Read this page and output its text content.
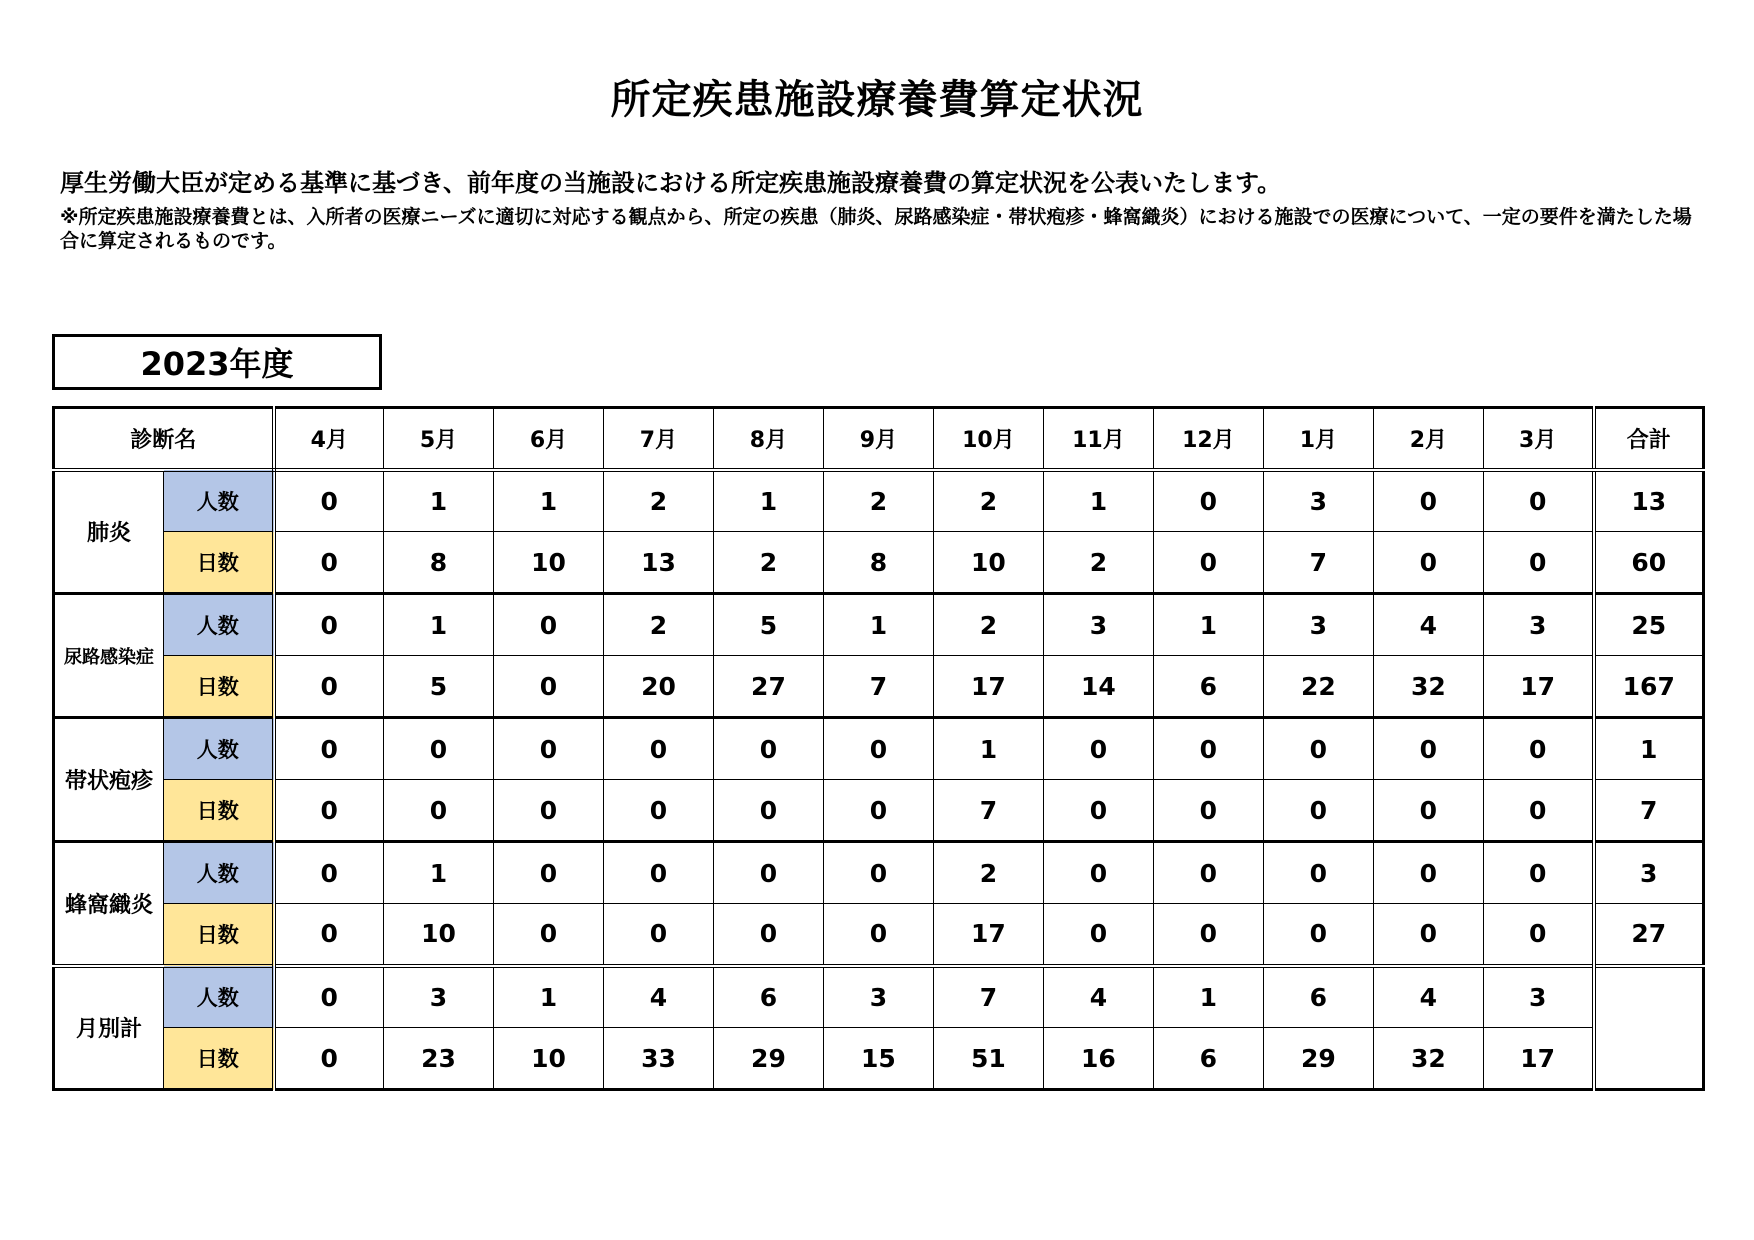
所定疾患施設療養費算定状況
厚生労働大臣が定める基準に基づき、前年度の当施設における所定疾患施設療養費の算定状況を公表いたします。
※所定疾患施設療養費とは、入所者の医療ニーズに適切に対応する観点から、所定の疾患（肺炎、尿路感染症・帯状疱疹・蜂窩織炎）における施設での医療について、一定の要件を満たした場合に算定されるものです。
2023年度
診断名		4月	5月	6月	7月	8月	9月	10月	11月	12月	1月	2月	3月	合計
肺炎	人数	0	1	1	2	1	2	2	1	0	3	0	0	13
	日数	0	8	10	13	2	8	10	2	0	7	0	0	60
尿路感染症	人数	0	1	0	2	5	1	2	3	1	3	4	3	25
	日数	0	5	0	20	27	7	17	14	6	22	32	17	167
帯状疱疹	人数	0	0	0	0	0	0	1	0	0	0	0	0	1
	日数	0	0	0	0	0	0	7	0	0	0	0	0	7
蜂窩織炎	人数	0	1	0	0	0	0	2	0	0	0	0	0	3
	日数	0	10	0	0	0	0	17	0	0	0	0	0	27
月別計	人数	0	3	1	4	6	3	7	4	1	6	4	3	
	日数	0	23	10	33	29	15	51	16	6	29	32	17	
